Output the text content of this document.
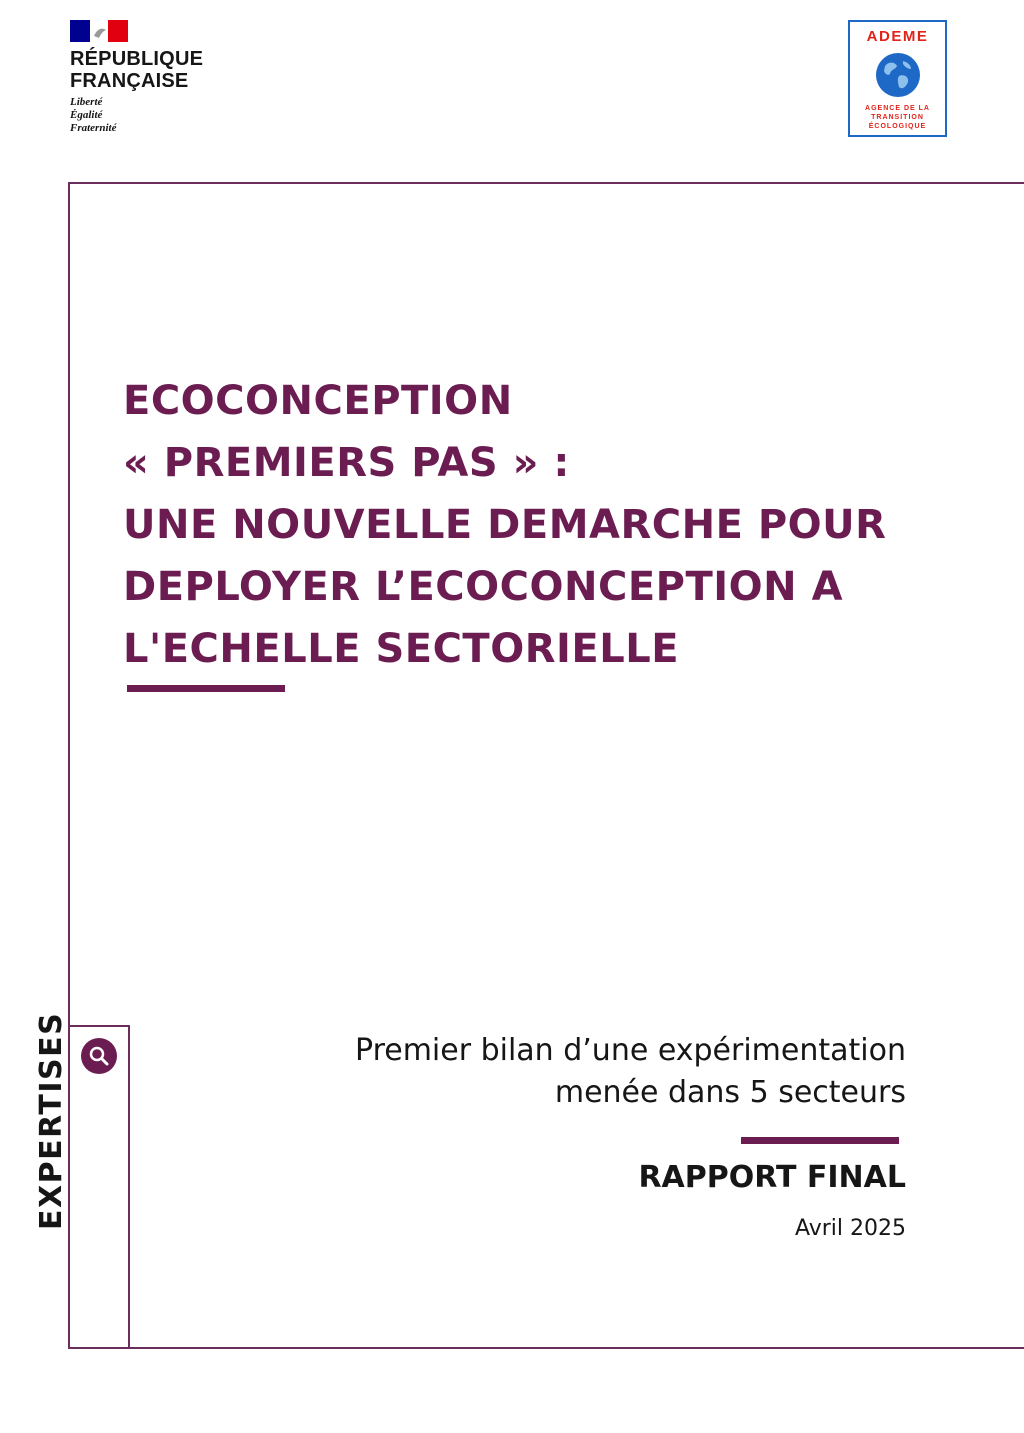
RÉPUBLIQUE
FRANÇAISE
Liberté
Égalité
Fraternité
ADEME
AGENCE DE LA
TRANSITION
ÉCOLOGIQUE
ECOCONCEPTION
« PREMIERS PAS » :
UNE NOUVELLE DEMARCHE POUR
DEPLOYER L’ECOCONCEPTION A
L'ECHELLE SECTORIELLE
EXPERTISES	Premier bilan d’une expérimentation
menée dans 5 secteurs
RAPPORT FINAL
Avril 2025
